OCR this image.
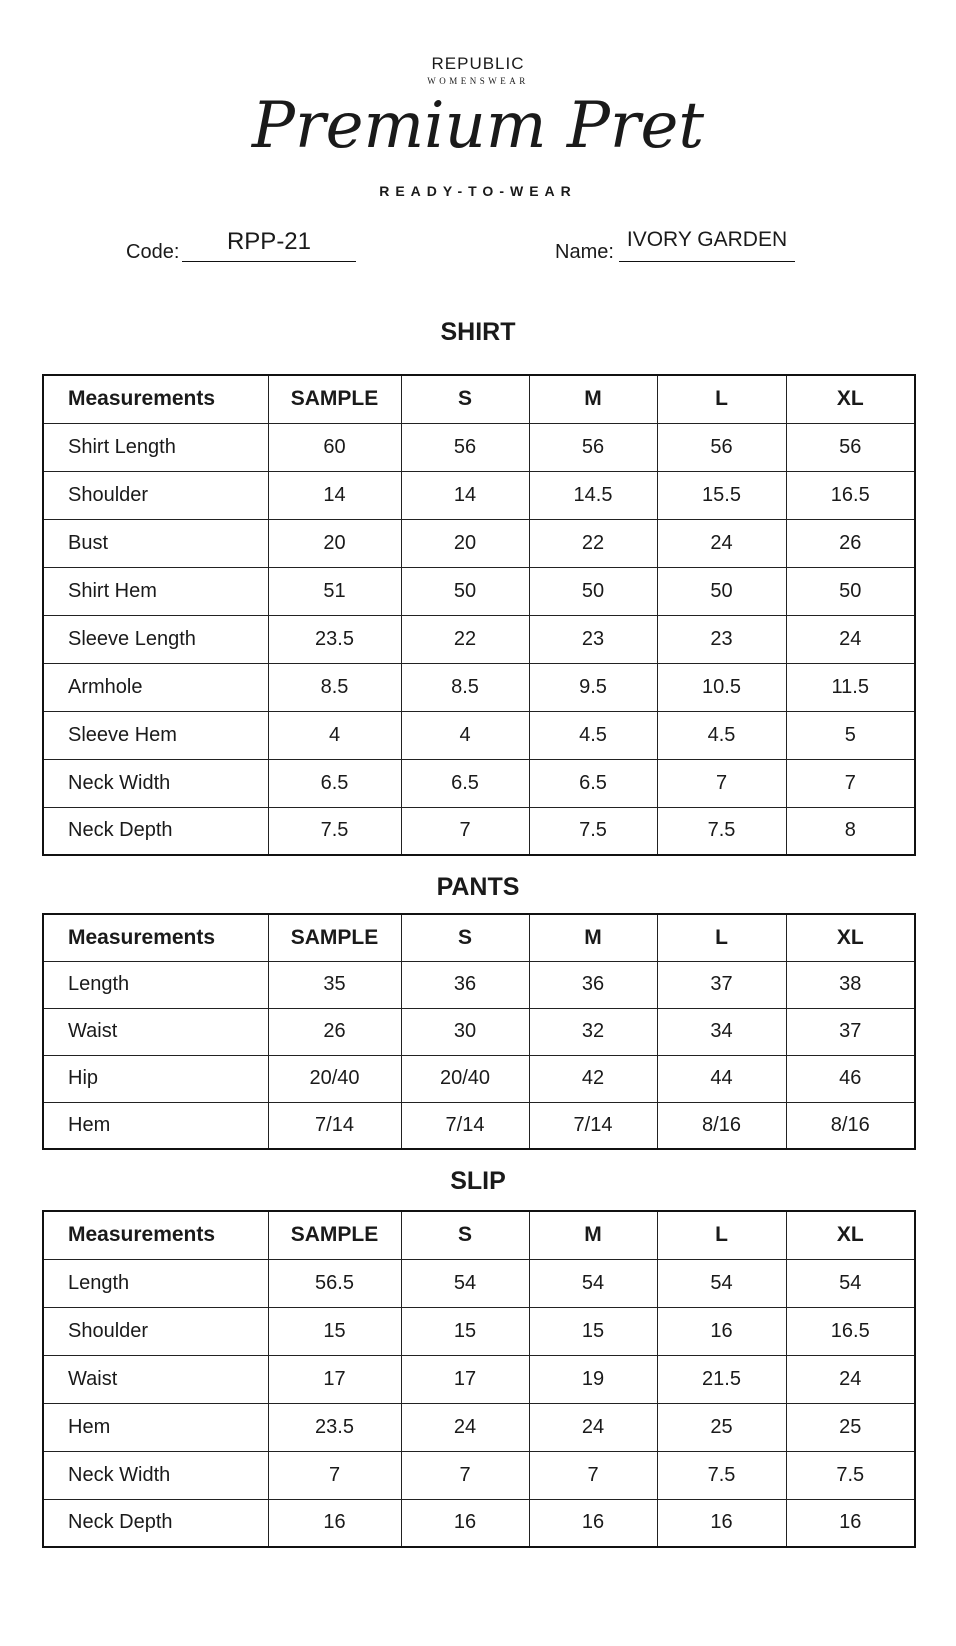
REPUBLIC
WOMENSWEAR
Premium Pret
READY-TO-WEAR
Code:	RPP-21	Name:
IVORY GARDEN
SHIRT
Measurements	SAMPLE	S	M	L	XL
Shirt Length	60	56	56	56	56
Shoulder	14	14	14.5	15.5	16.5
Bust	20	20	22	24	26
Shirt Hem	51	50	50	50	50
Sleeve Length	23.5	22	23	23	24
Armhole	8.5	8.5	9.5	10.5	11.5
Sleeve Hem	4	4	4.5	4.5	5
Neck Width	6.5	6.5	6.5	7	7
Neck Depth	7.5	7	7.5	7.5	8
PANTS
Measurements	SAMPLE	S	M	L	XL
Length	35	36	36	37	38
Waist	26	30	32	34	37
Hip	20/40	20/40	42	44	46
Hem	7/14	7/14	7/14	8/16	8/16
SLIP
Measurements	SAMPLE	S	M	L	XL
Length	56.5	54	54	54	54
Shoulder	15	15	15	16	16.5
Waist	17	17	19	21.5	24
Hem	23.5	24	24	25	25
Neck Width	7	7	7	7.5	7.5
Neck Depth	16	16	16	16	16
